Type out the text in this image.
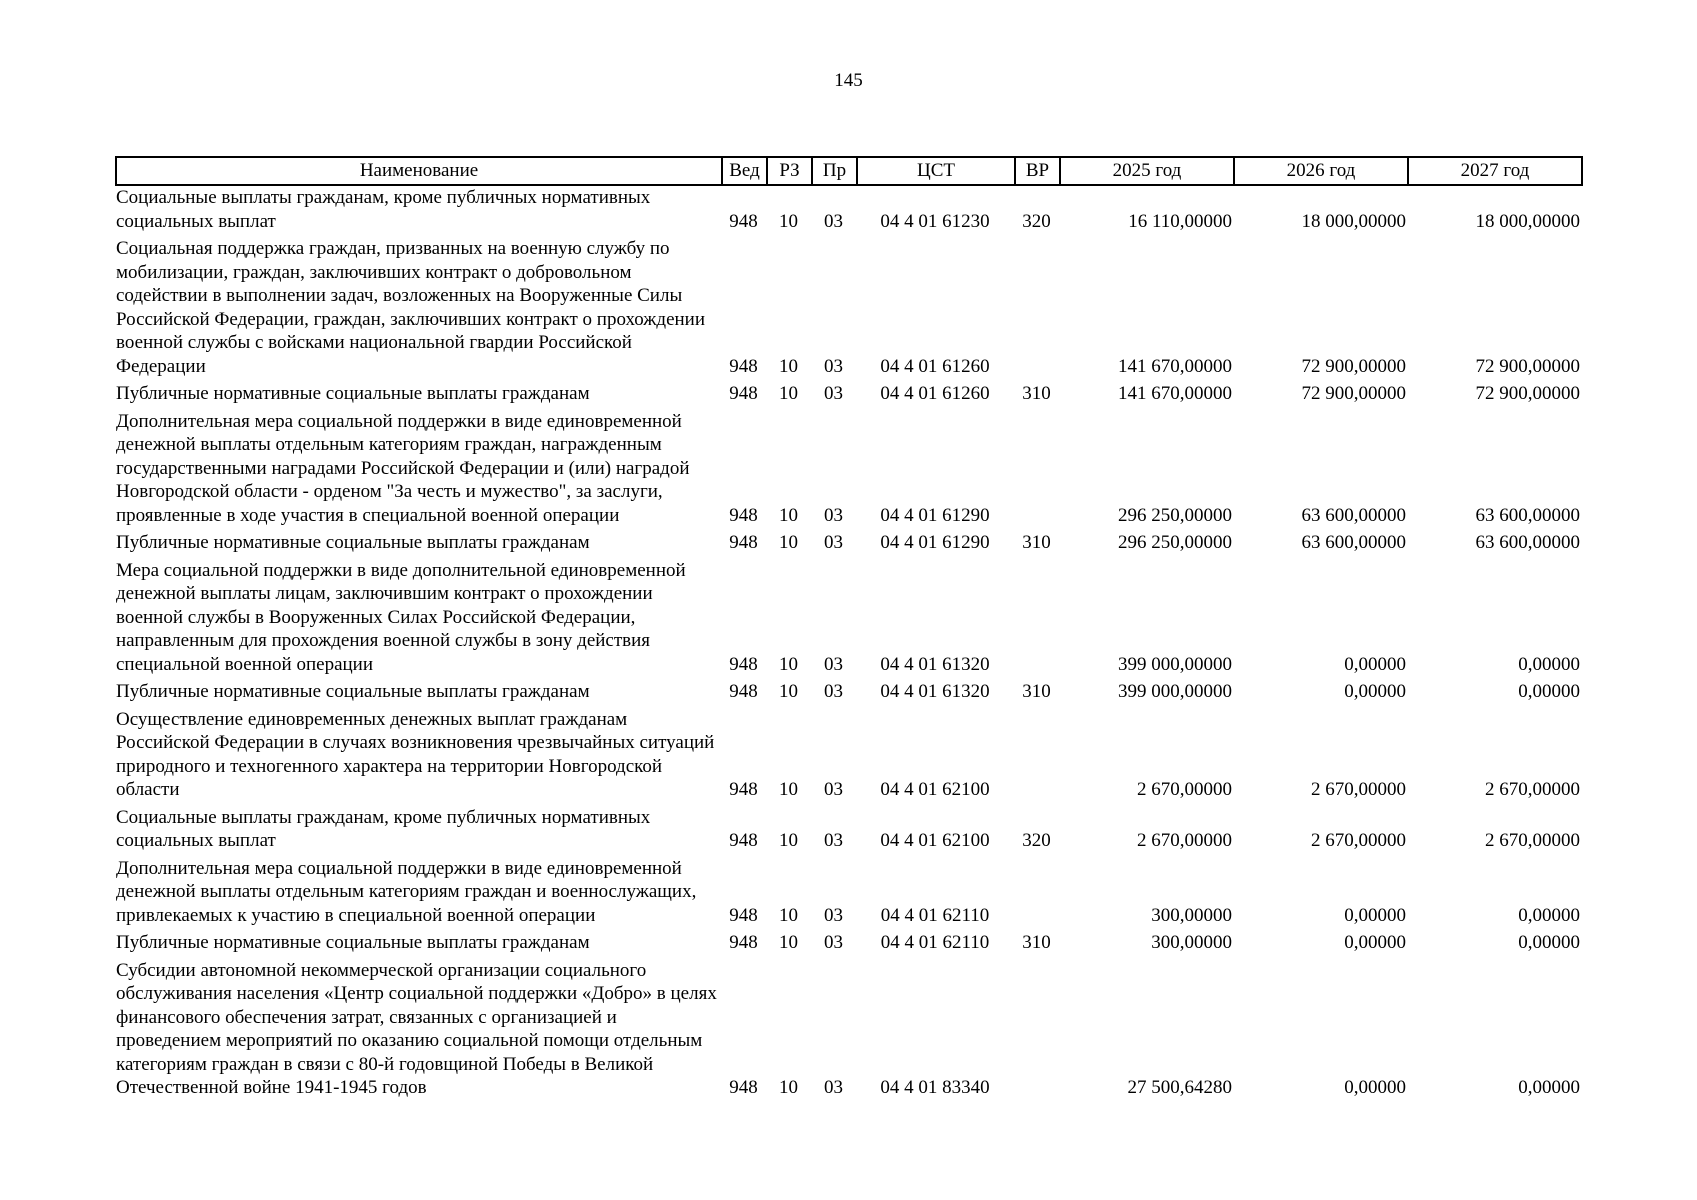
145
Наименование	Вед	РЗ	Пр	ЦСТ	ВР	2025 год	2026 год	2027 год
Социальные выплаты гражданам, кроме публичных нормативных социальных выплат	948	10	03	04 4 01 61230	320	16 110,00000	18 000,00000	18 000,00000
Социальная поддержка граждан, призванных на военную службу по мобилизации, граждан, заключивших контракт о добровольном содействии в выполнении задач, возложенных на Вооруженные Силы Российской Федерации, граждан, заключивших контракт о прохождении военной службы с войсками национальной гвардии Российской Федерации	948	10	03	04 4 01 61260		141 670,00000	72 900,00000	72 900,00000
Публичные нормативные социальные выплаты гражданам	948	10	03	04 4 01 61260	310	141 670,00000	72 900,00000	72 900,00000
Дополнительная мера социальной поддержки в виде единовременной денежной выплаты отдельным категориям граждан, награжденным государственными наградами Российской Федерации и (или) наградой Новгородской области - орденом "За честь и мужество", за заслуги, проявленные в ходе участия в специальной военной операции	948	10	03	04 4 01 61290		296 250,00000	63 600,00000	63 600,00000
Публичные нормативные социальные выплаты гражданам	948	10	03	04 4 01 61290	310	296 250,00000	63 600,00000	63 600,00000
Мера социальной поддержки в виде дополнительной единовременной денежной выплаты лицам, заключившим контракт о прохождении военной службы в Вооруженных Силах Российской Федерации, направленным для прохождения военной службы в зону действия специальной военной операции	948	10	03	04 4 01 61320		399 000,00000	0,00000	0,00000
Публичные нормативные социальные выплаты гражданам	948	10	03	04 4 01 61320	310	399 000,00000	0,00000	0,00000
Осуществление единовременных денежных выплат гражданам Российской Федерации в случаях возникновения чрезвычайных ситуаций природного и техногенного характера на территории Новгородской области	948	10	03	04 4 01 62100		2 670,00000	2 670,00000	2 670,00000
Социальные выплаты гражданам, кроме публичных нормативных социальных выплат	948	10	03	04 4 01 62100	320	2 670,00000	2 670,00000	2 670,00000
Дополнительная мера социальной поддержки в виде единовременной денежной выплаты отдельным категориям граждан и военнослужащих, привлекаемых к участию в специальной военной операции	948	10	03	04 4 01 62110		300,00000	0,00000	0,00000
Публичные нормативные социальные выплаты гражданам	948	10	03	04 4 01 62110	310	300,00000	0,00000	0,00000
Субсидии автономной некоммерческой организации социального обслуживания населения «Центр социальной поддержки «Добро» в целях финансового обеспечения затрат, связанных с организацией и проведением мероприятий по оказанию социальной помощи отдельным категориям граждан в связи с 80-й годовщиной Победы в Великой Отечественной войне 1941-1945 годов	948	10	03	04 4 01 83340		27 500,64280	0,00000	0,00000
